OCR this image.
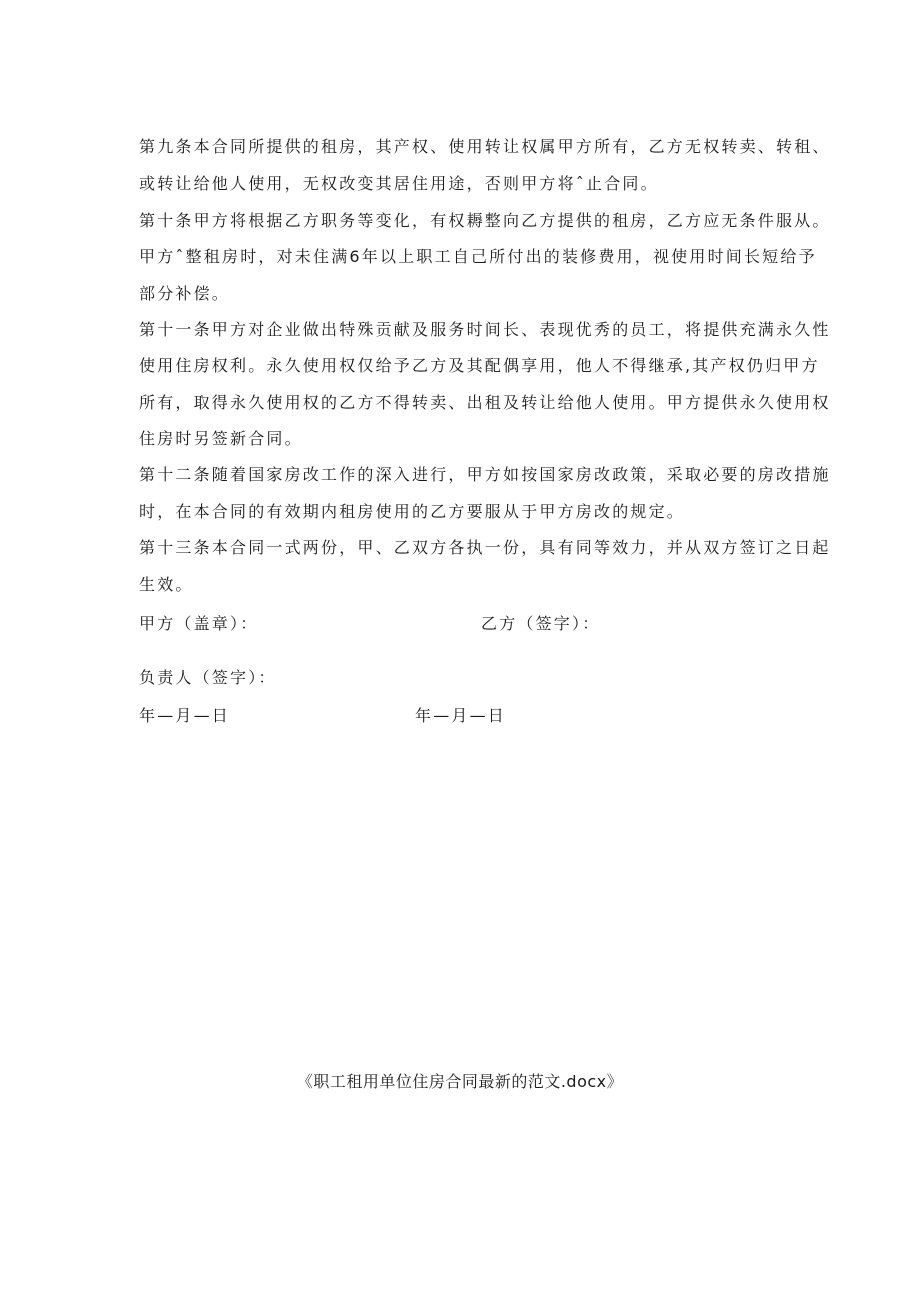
第九条本合同所提供的租房，其产权、使用转让权属甲方所有，乙方无权转卖、转租、
或转让给他人使用，无权改变其居住用途，否则甲方将ˆ止合同。
第十条甲方将根据乙方职务等变化，有权耨整向乙方提供的租房，乙方应无条件服从。
甲方ˆ整租房时，对未住满6年以上职工自己所付出的装修费用，视使用时间长短给予
部分补偿。
第十一条甲方对企业做出特殊贡献及服务时间长、表现优秀的员工，将提供充满永久性
使用住房权利。永久使用权仅给予乙方及其配偶享用，他人不得继承,其产权仍归甲方
所有，取得永久使用权的乙方不得转卖、出租及转让给他人使用。甲方提供永久使用权
住房时另签新合同。
第十二条随着国家房改工作的深入进行，甲方如按国家房改政策，采取必要的房改措施
时，在本合同的有效期内租房使用的乙方要服从于甲方房改的规定。
第十三条本合同一式两份，甲、乙双方各执一份，具有同等效力，并从双方签订之日起
生效。
甲方（盖章）：	乙方（签字）：
负责人（签字）：
年—月—日	年—月—日
《职工租用单位住房合同最新的范文.docx》
